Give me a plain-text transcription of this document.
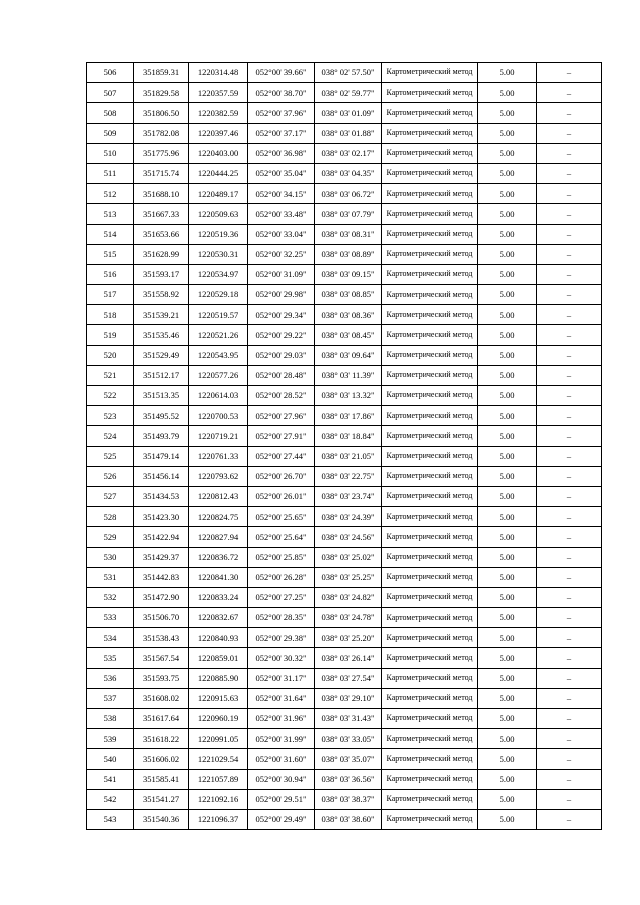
506	351859.31	1220314.48	052°00' 39.66"	038° 02' 57.50"	Картометрический метод	5.00	–
507	351829.58	1220357.59	052°00' 38.70"	038° 02' 59.77"	Картометрический метод	5.00	–
508	351806.50	1220382.59	052°00' 37.96"	038° 03' 01.09"	Картометрический метод	5.00	–
509	351782.08	1220397.46	052°00' 37.17"	038° 03' 01.88"	Картометрический метод	5.00	–
510	351775.96	1220403.00	052°00' 36.98"	038° 03' 02.17"	Картометрический метод	5.00	–
511	351715.74	1220444.25	052°00' 35.04"	038° 03' 04.35"	Картометрический метод	5.00	–
512	351688.10	1220489.17	052°00' 34.15"	038° 03' 06.72"	Картометрический метод	5.00	–
513	351667.33	1220509.63	052°00' 33.48"	038° 03' 07.79"	Картометрический метод	5.00	–
514	351653.66	1220519.36	052°00' 33.04"	038° 03' 08.31"	Картометрический метод	5.00	–
515	351628.99	1220530.31	052°00' 32.25"	038° 03' 08.89"	Картометрический метод	5.00	–
516	351593.17	1220534.97	052°00' 31.09"	038° 03' 09.15"	Картометрический метод	5.00	–
517	351558.92	1220529.18	052°00' 29.98"	038° 03' 08.85"	Картометрический метод	5.00	–
518	351539.21	1220519.57	052°00' 29.34"	038° 03' 08.36"	Картометрический метод	5.00	–
519	351535.46	1220521.26	052°00' 29.22"	038° 03' 08.45"	Картометрический метод	5.00	–
520	351529.49	1220543.95	052°00' 29.03"	038° 03' 09.64"	Картометрический метод	5.00	–
521	351512.17	1220577.26	052°00' 28.48"	038° 03' 11.39"	Картометрический метод	5.00	–
522	351513.35	1220614.03	052°00' 28.52"	038° 03' 13.32"	Картометрический метод	5.00	–
523	351495.52	1220700.53	052°00' 27.96"	038° 03' 17.86"	Картометрический метод	5.00	–
524	351493.79	1220719.21	052°00' 27.91"	038° 03' 18.84"	Картометрический метод	5.00	–
525	351479.14	1220761.33	052°00' 27.44"	038° 03' 21.05"	Картометрический метод	5.00	–
526	351456.14	1220793.62	052°00' 26.70"	038° 03' 22.75"	Картометрический метод	5.00	–
527	351434.53	1220812.43	052°00' 26.01"	038° 03' 23.74"	Картометрический метод	5.00	–
528	351423.30	1220824.75	052°00' 25.65"	038° 03' 24.39"	Картометрический метод	5.00	–
529	351422.94	1220827.94	052°00' 25.64"	038° 03' 24.56"	Картометрический метод	5.00	–
530	351429.37	1220836.72	052°00' 25.85"	038° 03' 25.02"	Картометрический метод	5.00	–
531	351442.83	1220841.30	052°00' 26.28"	038° 03' 25.25"	Картометрический метод	5.00	–
532	351472.90	1220833.24	052°00' 27.25"	038° 03' 24.82"	Картометрический метод	5.00	–
533	351506.70	1220832.67	052°00' 28.35"	038° 03' 24.78"	Картометрический метод	5.00	–
534	351538.43	1220840.93	052°00' 29.38"	038° 03' 25.20"	Картометрический метод	5.00	–
535	351567.54	1220859.01	052°00' 30.32"	038° 03' 26.14"	Картометрический метод	5.00	–
536	351593.75	1220885.90	052°00' 31.17"	038° 03' 27.54"	Картометрический метод	5.00	–
537	351608.02	1220915.63	052°00' 31.64"	038° 03' 29.10"	Картометрический метод	5.00	–
538	351617.64	1220960.19	052°00' 31.96"	038° 03' 31.43"	Картометрический метод	5.00	–
539	351618.22	1220991.05	052°00' 31.99"	038° 03' 33.05"	Картометрический метод	5.00	–
540	351606.02	1221029.54	052°00' 31.60"	038° 03' 35.07"	Картометрический метод	5.00	–
541	351585.41	1221057.89	052°00' 30.94"	038° 03' 36.56"	Картометрический метод	5.00	–
542	351541.27	1221092.16	052°00' 29.51"	038° 03' 38.37"	Картометрический метод	5.00	–
543	351540.36	1221096.37	052°00' 29.49"	038° 03' 38.60"	Картометрический метод	5.00	–
